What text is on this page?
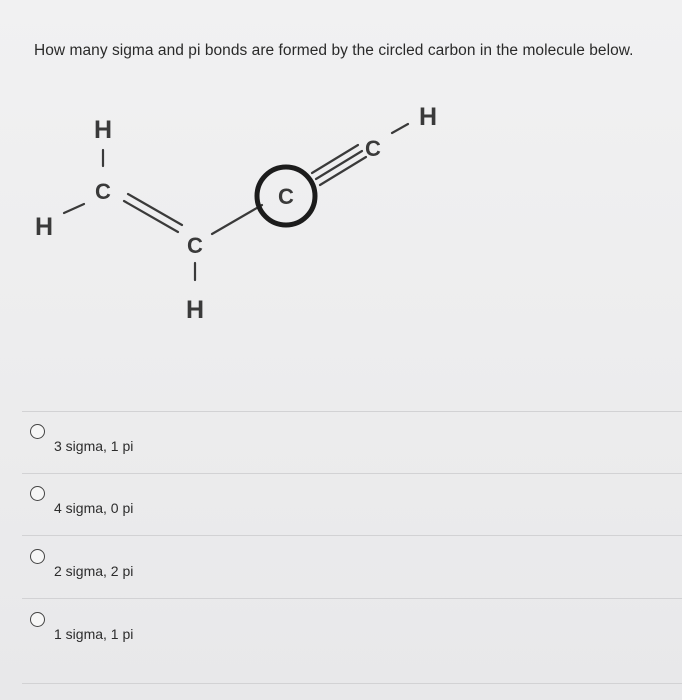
How many sigma and pi bonds are formed by the circled carbon in the molecule below.
H
C
H
C
H
C
C
H
3 sigma, 1 pi
4 sigma, 0 pi
2 sigma, 2 pi
1 sigma, 1 pi
